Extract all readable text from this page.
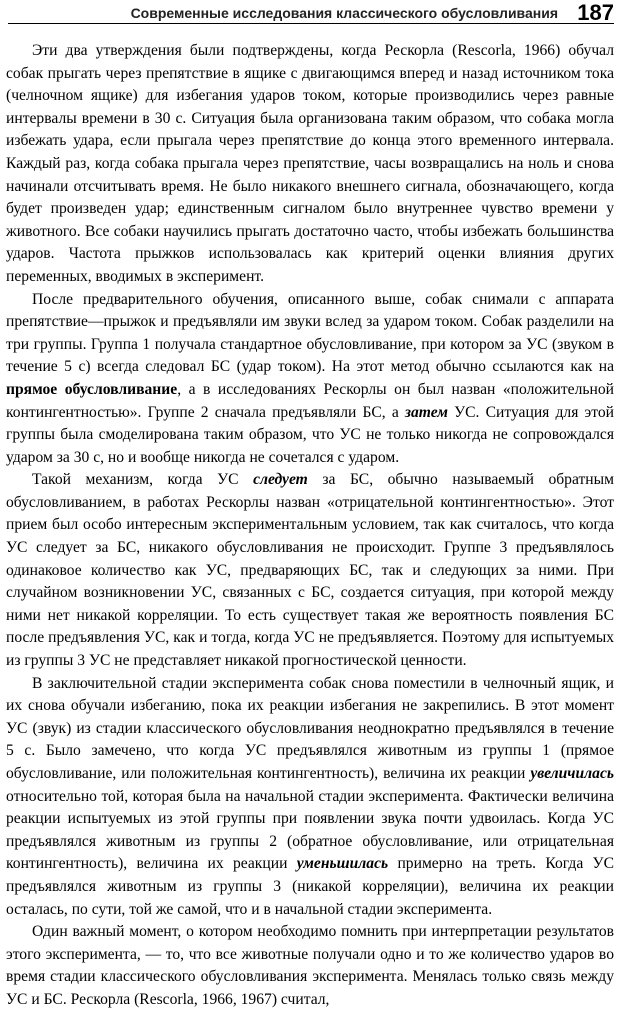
Современные исследования классического обусловливания 187

Эти два утверждения были подтверждены, когда Рескорла (Rescorla, 1966) обучал собак прыгать через препятствие в ящике с двигающимся вперед и назад источником тока (челночном ящике) для избегания ударов током, которые производились через равные интервалы времени в 30 с. Ситуация была организована таким образом, что собака могла избежать удара, если прыгала через препятствие до конца этого временного интервала. Каждый раз, когда собака прыгала через препятствие, часы возвращались на ноль и снова начинали отсчитывать время. Не было никакого внешнего сигнала, обозначающего, когда будет произведен удар; единственным сигналом было внутреннее чувство времени у животного. Все собаки научились прыгать достаточно часто, чтобы избежать большинства ударов. Частота прыжков использовалась как критерий оценки влияния других переменных, вводимых в эксперимент.

После предварительного обучения, описанного выше, собак снимали с аппарата препятствие—прыжок и предъявляли им звуки вслед за ударом током. Собак разделили на три группы. Группа 1 получала стандартное обусловливание, при котором за УС (звуком в течение 5 с) всегда следовал БС (удар током). На этот метод обычно ссылаются как на прямое обусловливание, а в исследованиях Рескорлы он был назван «положительной контингентностью». Группе 2 сначала предъявляли БС, а затем УС. Ситуация для этой группы была смоделирована таким образом, что УС не только никогда не сопровождался ударом за 30 с, но и вообще никогда не сочетался с ударом.

Такой механизм, когда УС следует за БС, обычно называемый обратным обусловливанием, в работах Рескорлы назван «отрицательной контингентностью». Этот прием был особо интересным экспериментальным условием, так как считалось, что когда УС следует за БС, никакого обусловливания не происходит. Группе 3 предъявлялось одинаковое количество как УС, предваряющих БС, так и следующих за ними. При случайном возникновении УС, связанных с БС, создается ситуация, при которой между ними нет никакой корреляции. То есть существует такая же вероятность появления БС после предъявления УС, как и тогда, когда УС не предъявляется. Поэтому для испытуемых из группы 3 УС не представляет никакой прогностической ценности.

В заключительной стадии эксперимента собак снова поместили в челночный ящик, и их снова обучали избеганию, пока их реакции избегания не закрепились. В этот момент УС (звук) из стадии классического обусловливания неоднократно предъявлялся в течение 5 с. Было замечено, что когда УС предъявлялся животным из группы 1 (прямое обусловливание, или положительная контингентность), величина их реакции увеличилась относительно той, которая была на начальной стадии эксперимента. Фактически величина реакции испытуемых из этой группы при появлении звука почти удвоилась. Когда УС предъявлялся животным из группы 2 (обратное обусловливание, или отрицательная контингентность), величина их реакции уменьшилась примерно на треть. Когда УС предъявлялся животным из группы 3 (никакой корреляции), величина их реакции осталась, по сути, той же самой, что и в начальной стадии эксперимента.

Один важный момент, о котором необходимо помнить при интерпретации результатов этого эксперимента, — то, что все животные получали одно и то же количество ударов во время стадии классического обусловливания эксперимента. Менялась только связь между УС и БС. Рескорла (Rescorla, 1966, 1967) считал,
